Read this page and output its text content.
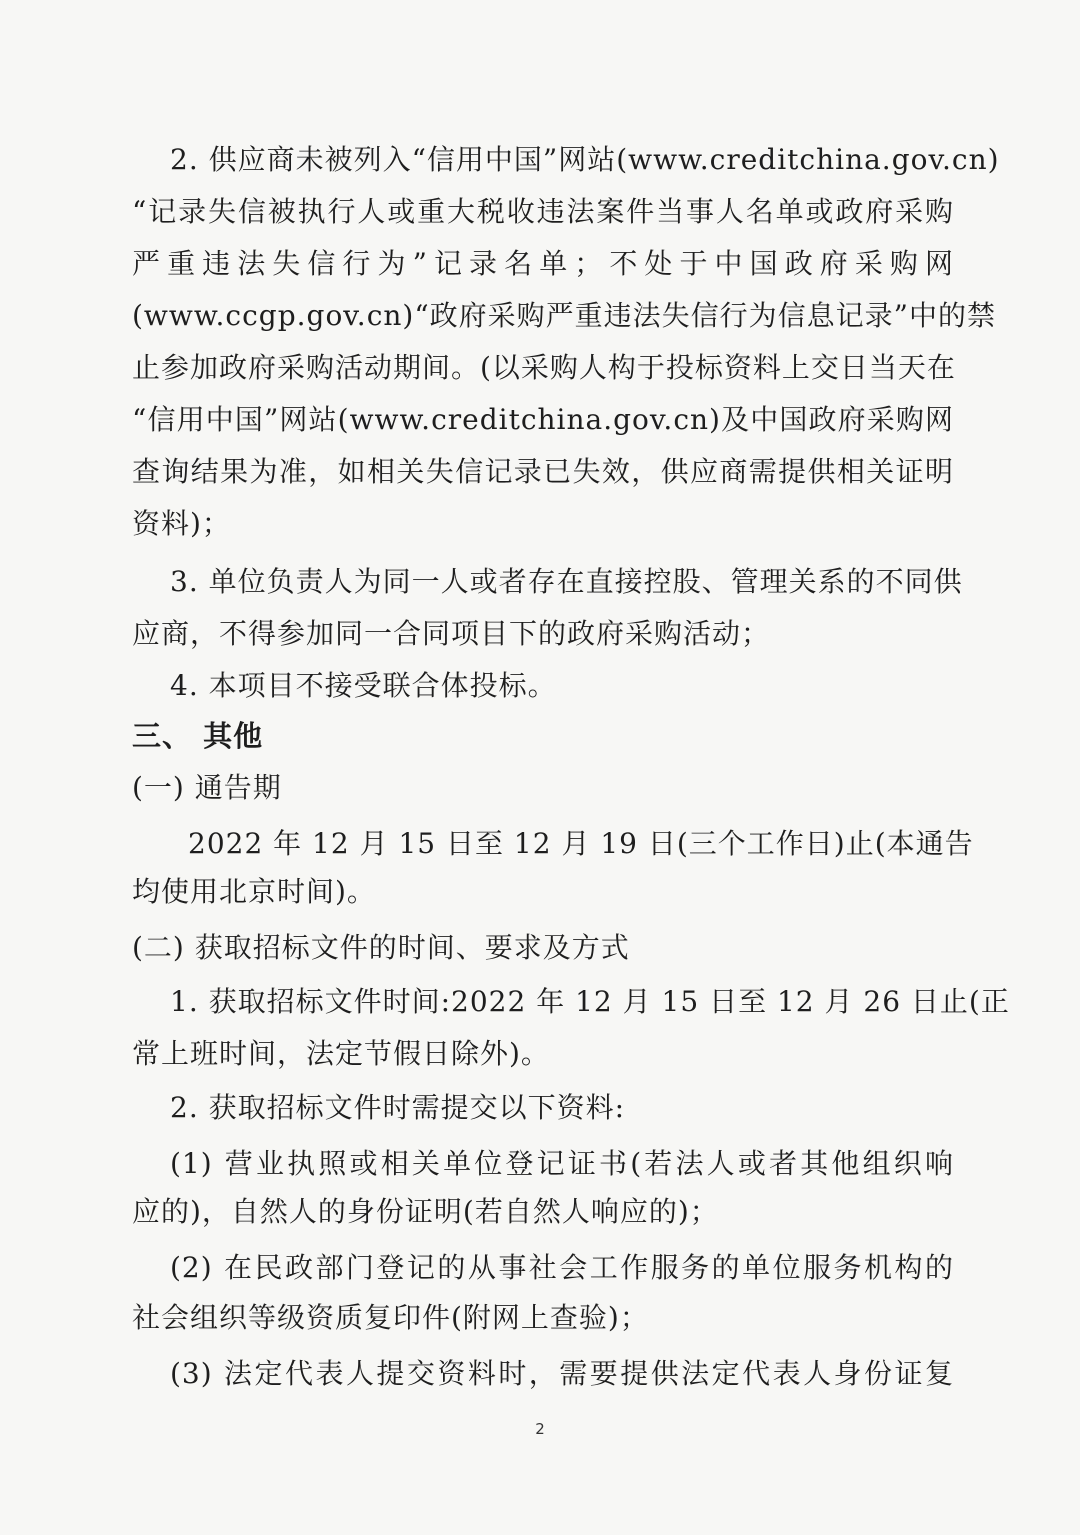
2. 供应商未被列入“信用中国”网站(www.creditchina.gov.cn)
“记录失信被执行人或重大税收违法案件当事人名单或政府采购
严重违法失信行为”记录名单；不处于中国政府采购网
(www.ccgp.gov.cn)“政府采购严重违法失信行为信息记录”中的禁
止参加政府采购活动期间。(以采购人构于投标资料上交日当天在
“信用中国”网站(www.creditchina.gov.cn)及中国政府采购网
查询结果为准，如相关失信记录已失效，供应商需提供相关证明
资料)；
3. 单位负责人为同一人或者存在直接控股、管理关系的不同供
应商，不得参加同一合同项目下的政府采购活动；
4. 本项目不接受联合体投标。
三、 其他
(一) 通告期
2022 年 12 月 15 日至 12 月 19 日(三个工作日)止(本通告
均使用北京时间)。
(二) 获取招标文件的时间、要求及方式
1. 获取招标文件时间:2022 年 12 月 15 日至 12 月 26 日止(正
常上班时间，法定节假日除外)。
2. 获取招标文件时需提交以下资料:
(1) 营业执照或相关单位登记证书(若法人或者其他组织响
应的)，自然人的身份证明(若自然人响应的)；
(2) 在民政部门登记的从事社会工作服务的单位服务机构的
社会组织等级资质复印件(附网上查验)；
(3) 法定代表人提交资料时，需要提供法定代表人身份证复
2
